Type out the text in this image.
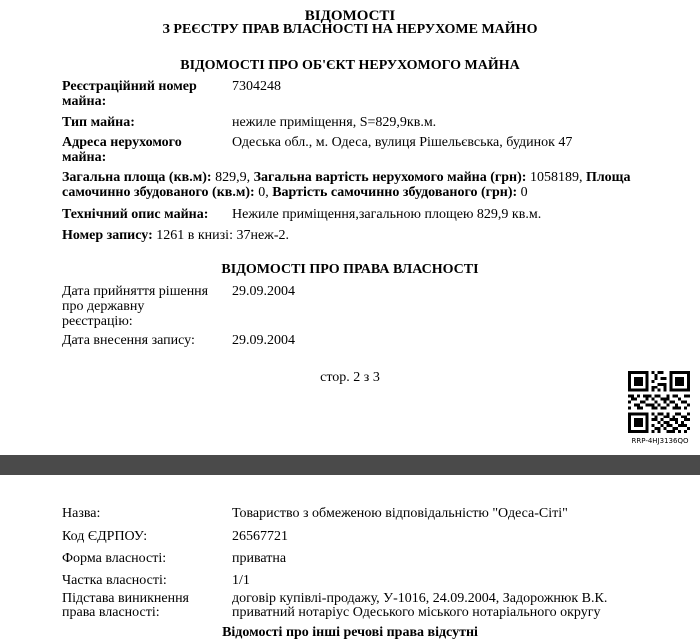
ВІДОМОСТІ
З РЕЄСТРУ ПРАВ ВЛАСНОСТІ НА НЕРУХОМЕ МАЙНО
ВІДОМОСТІ ПРО ОБ'ЄКТ НЕРУХОМОГО МАЙНА
Реєстраційний номер
майна:
7304248
Тип майна:	нежиле приміщення, S=829,9кв.м.
Адреса нерухомого
майна:
Одеська обл., м. Одеса, вулиця Рішельєвська, будинок 47
Загальна площа (кв.м): 829,9, Загальна вартість нерухомого майна (грн): 1058189, Площа
самочинно збудованого (кв.м): 0, Вартість самочинно збудованого (грн): 0
Технічний опис майна: Нежиле приміщення,загальною площею 829,9 кв.м.
Номер запису: 1261 в книзі: 37неж-2.
ВІДОМОСТІ ПРО ПРАВА ВЛАСНОСТІ
Дата прийняття рішення
про державну
реєстрацію:
29.09.2004
Дата внесення запису:	29.09.2004
стор. 2 з 3
RRP-4HJ3136QO
Назва:	Товариство з обмеженою відповідальністю "Одеса-Сіті"
Код ЄДРПОУ:	26567721
Форма власності:	приватна
Частка власності:	1/1
Підстава виникнення
права власності:
договір купівлі-продажу, У-1016, 24.09.2004, Задорожнюк В.К.
приватний нотаріус Одеського міського нотаріального округу
Відомості про інші речові права відсутні
